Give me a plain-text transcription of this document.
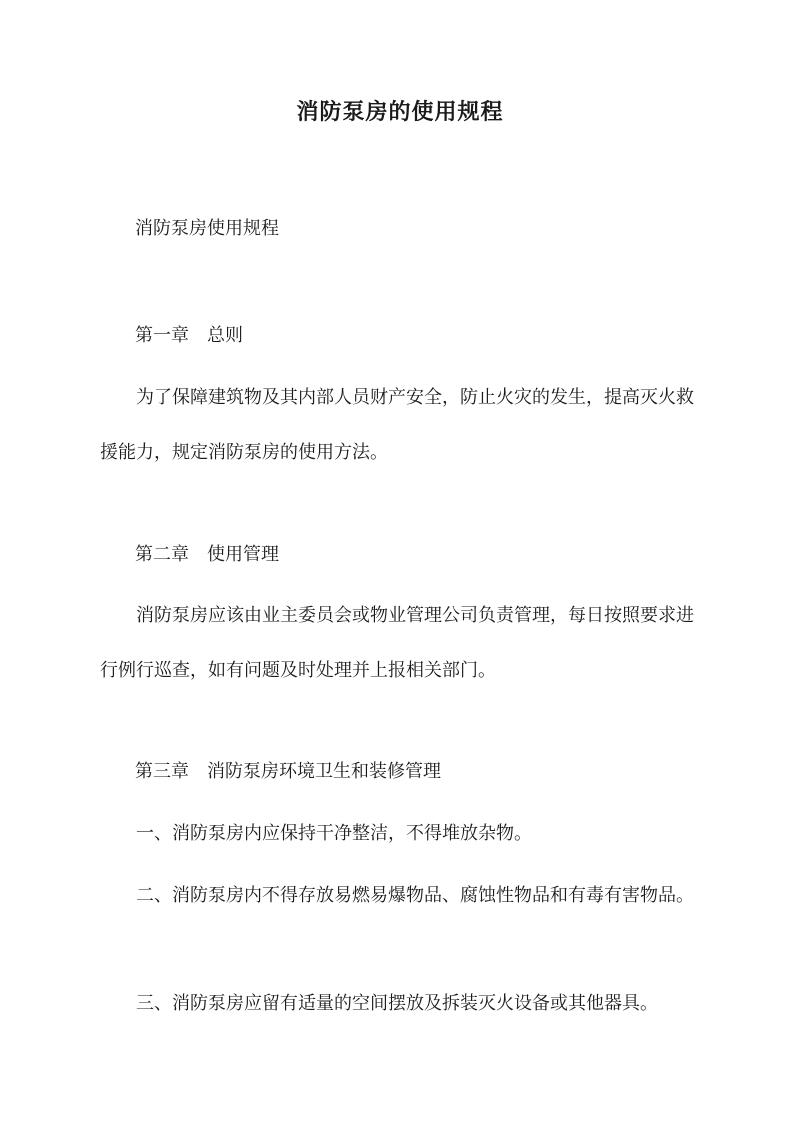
消防泵房的使用规程
消防泵房使用规程
第一章 总则

为了保障建筑物及其内部人员财产安全，防止火灾的发生，提高灭火救援能力，规定消防泵房的使用方法。

第二章 使用管理

消防泵房应该由业主委员会或物业管理公司负责管理，每日按照要求进行例行巡查，如有问题及时处理并上报相关部门。

第三章 消防泵房环境卫生和装修管理

一、消防泵房内应保持干净整洁，不得堆放杂物。

二、消防泵房内不得存放易燃易爆物品、腐蚀性物品和有毒有害物品。

三、消防泵房应留有适量的空间摆放及拆装灭火设备或其他器具。
